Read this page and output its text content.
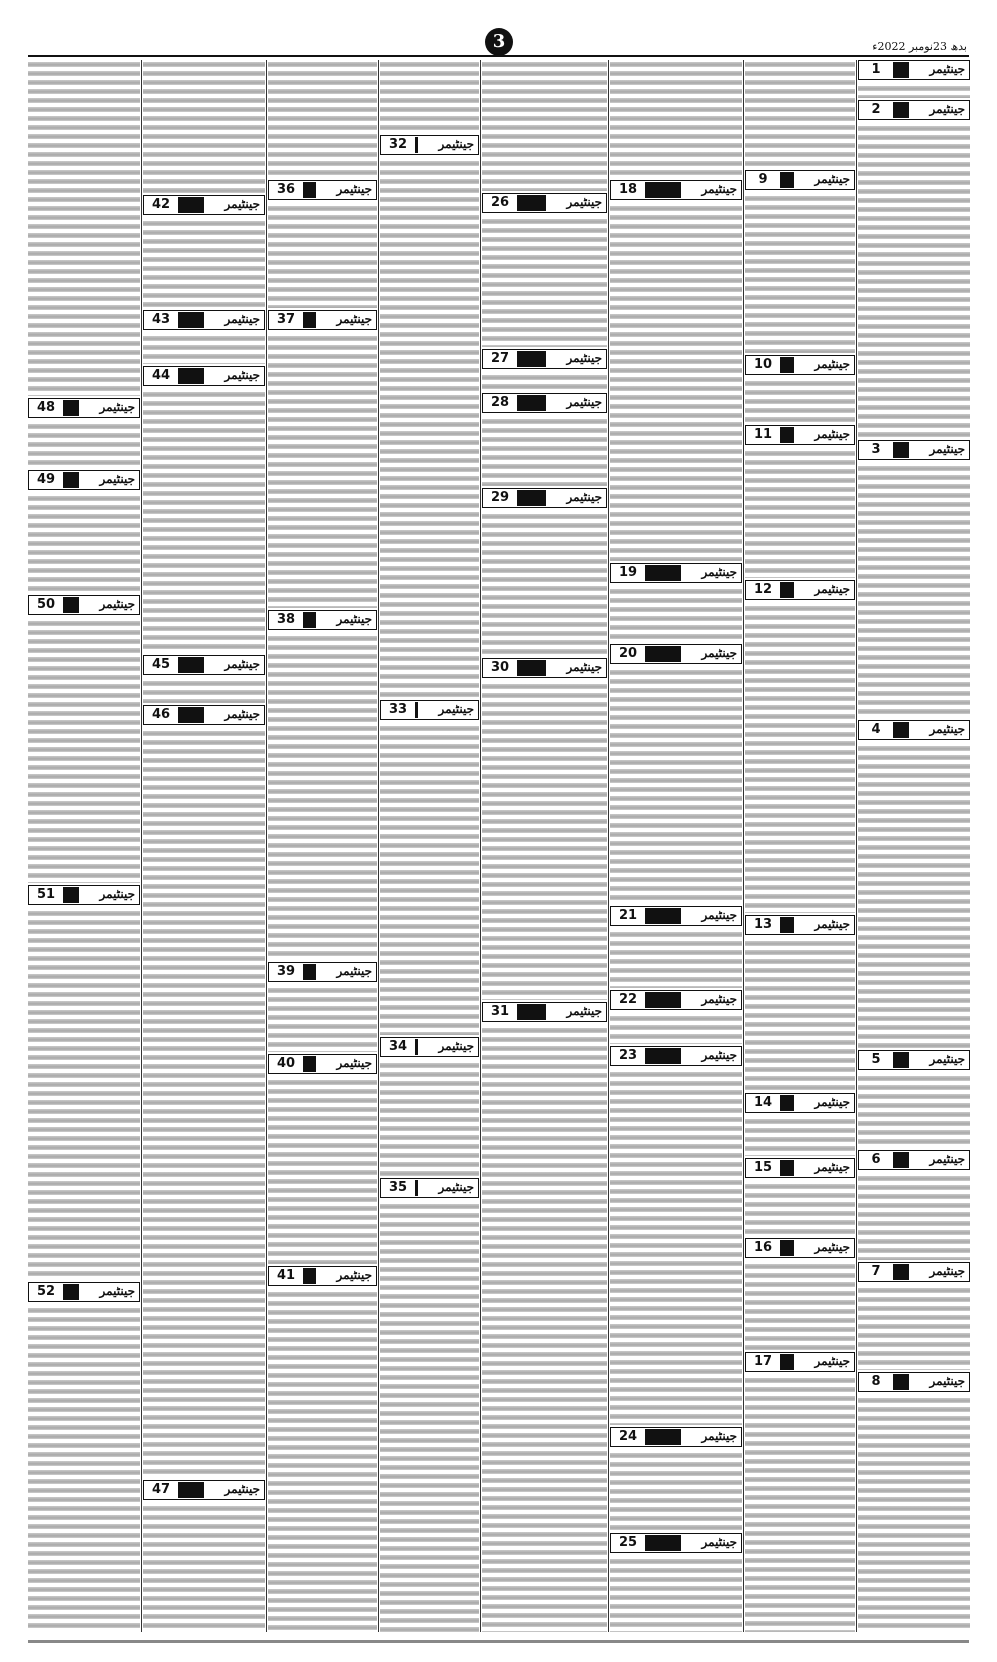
3	بدھ 23نومبر 2022ء
1	جینٹیمر
2	جینٹیمر
3	جینٹیمر
4	جینٹیمر
5	جینٹیمر
6	جینٹیمر
7	جینٹیمر
8	جینٹیمر
9	جینٹیمر
10	جینٹیمر
11	جینٹیمر
12	جینٹیمر
13	جینٹیمر
14	جینٹیمر
15	جینٹیمر
16	جینٹیمر
17	جینٹیمر
18	جینٹیمر
19	جینٹیمر
20	جینٹیمر
21	جینٹیمر
22	جینٹیمر
23	جینٹیمر
24	جینٹیمر
25	جینٹیمر
26	جینٹیمر
27	جینٹیمر
28	جینٹیمر
29	جینٹیمر
30	جینٹیمر
31	جینٹیمر
32	جینٹیمر
33	جینٹیمر
34	جینٹیمر
35	جینٹیمر
36	جینٹیمر
37	جینٹیمر
38	جینٹیمر
39	جینٹیمر
40	جینٹیمر
41	جینٹیمر
42	جینٹیمر
43	جینٹیمر
44	جینٹیمر
45	جینٹیمر
46	جینٹیمر
47	جینٹیمر
48	جینٹیمر
49	جینٹیمر
50	جینٹیمر
51	جینٹیمر
52	جینٹیمر
